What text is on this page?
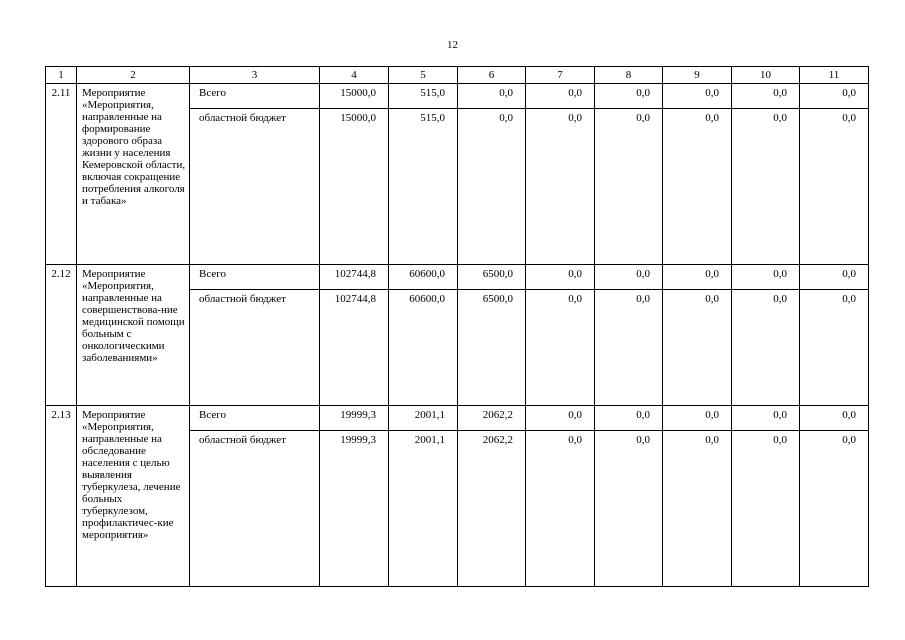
12
1	2	3	4	5	6	7	8	9	10	11
2.11	Мероприятие «Мероприятия, направленные на формирование здорового образа жизни у населения Кемеровской области, включая сокращение потребления алкоголя и табака»	Всего	15000,0	515,0	0,0	0,0	0,0	0,0	0,0	0,0
		областной бюджет	15000,0	515,0	0,0	0,0	0,0	0,0	0,0	0,0
2.12	Мероприятие «Мероприятия, направленные на совершенствова-ние медицинской помощи больным с онкологическими заболеваниями»	Всего	102744,8	60600,0	6500,0	0,0	0,0	0,0	0,0	0,0
		областной бюджет	102744,8	60600,0	6500,0	0,0	0,0	0,0	0,0	0,0
2.13	Мероприятие «Мероприятия, направленные на обследование населения с целью выявления туберкулеза, лечение больных туберкулезом, профилактичес-кие мероприятия»	Всего	19999,3	2001,1	2062,2	0,0	0,0	0,0	0,0	0,0
		областной бюджет	19999,3	2001,1	2062,2	0,0	0,0	0,0	0,0	0,0
